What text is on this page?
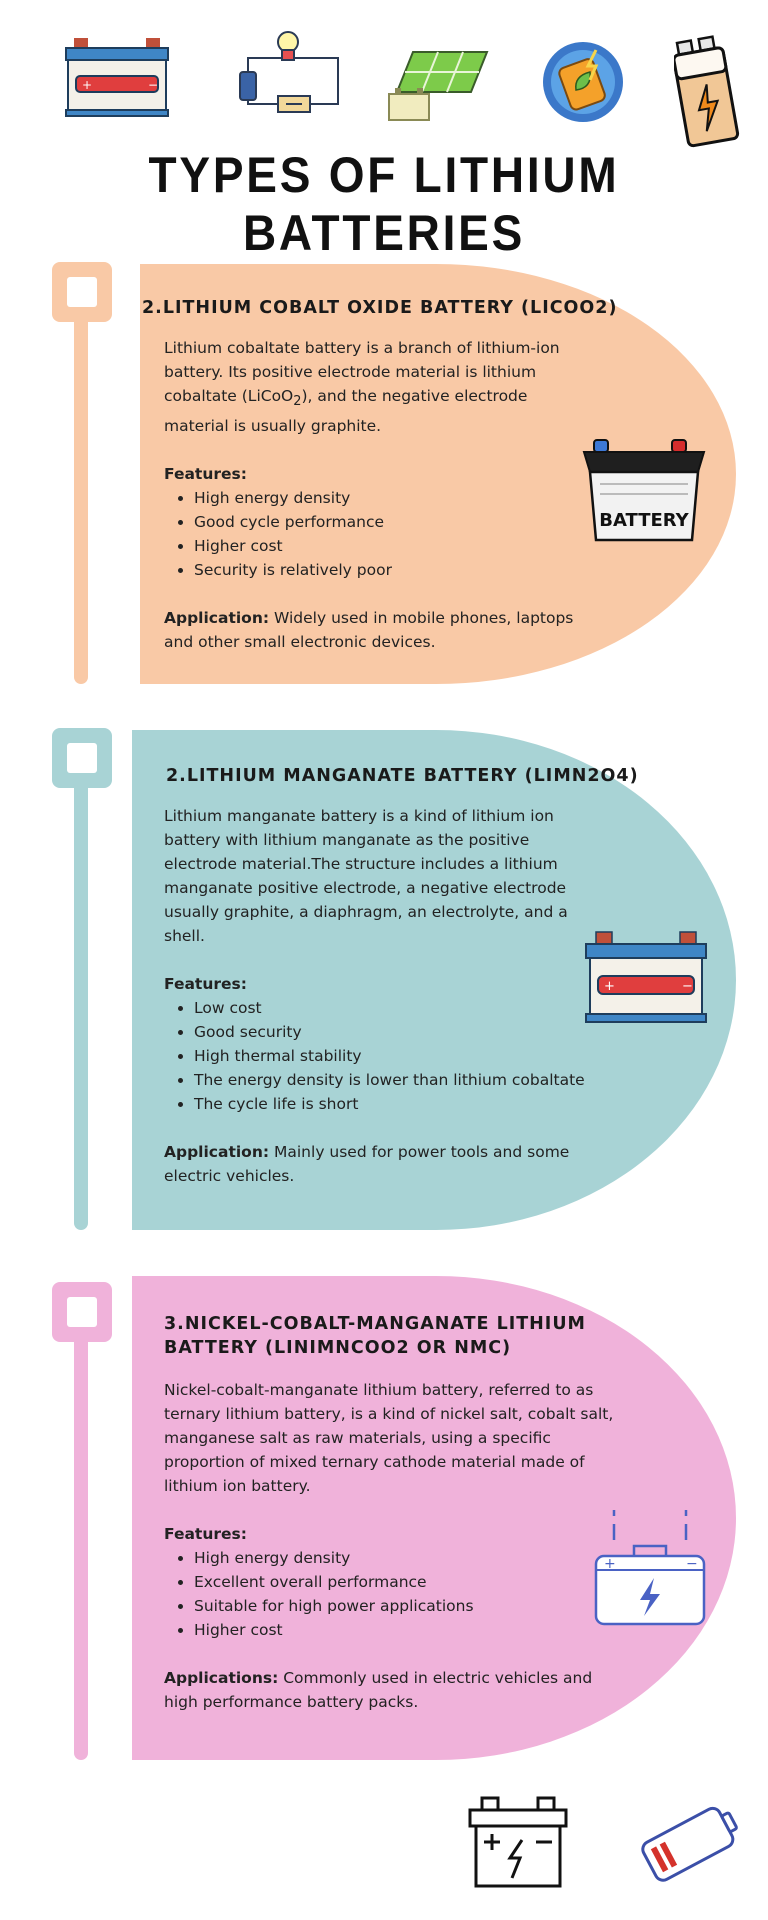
+	−
TYPES OF LITHIUM BATTERIES
2.LITHIUM COBALT OXIDE BATTERY (LICOO2)

Lithium cobaltate battery is a branch of lithium-ion battery. Its positive electrode material is lithium cobaltate (LiCoO$_2$), and the negative electrode material is usually graphite.

Features:
• High energy density
• Good cycle performance
• Higher cost
• Security is relatively poor
Application: Widely used in mobile phones, laptops and other small electronic devices.
BATTERY
2.LITHIUM MANGANATE BATTERY (LIMN2O4)

Lithium manganate battery is a kind of lithium ion battery with lithium manganate as the positive electrode material.The structure includes a lithium manganate positive electrode, a negative electrode usually graphite, a diaphragm, an electrolyte, and a shell.

Features:
• Low cost
• Good security
• High thermal stability
• The energy density is lower than lithium cobaltate
• The cycle life is short
Application: Mainly used for power tools and some electric vehicles.
+	−
3.NICKEL-COBALT-MANGANATE LITHIUM BATTERY (LINIMNCOO2 OR NMC)

Nickel-cobalt-manganate lithium battery, referred to as ternary lithium battery, is a kind of nickel salt, cobalt salt, manganese salt as raw materials, using a specific proportion of mixed ternary cathode material made of lithium ion battery.

Features:
• High energy density
• Excellent overall performance
• Suitable for high power applications
• Higher cost
Applications: Commonly used in electric vehicles and high performance battery packs.
+	−
